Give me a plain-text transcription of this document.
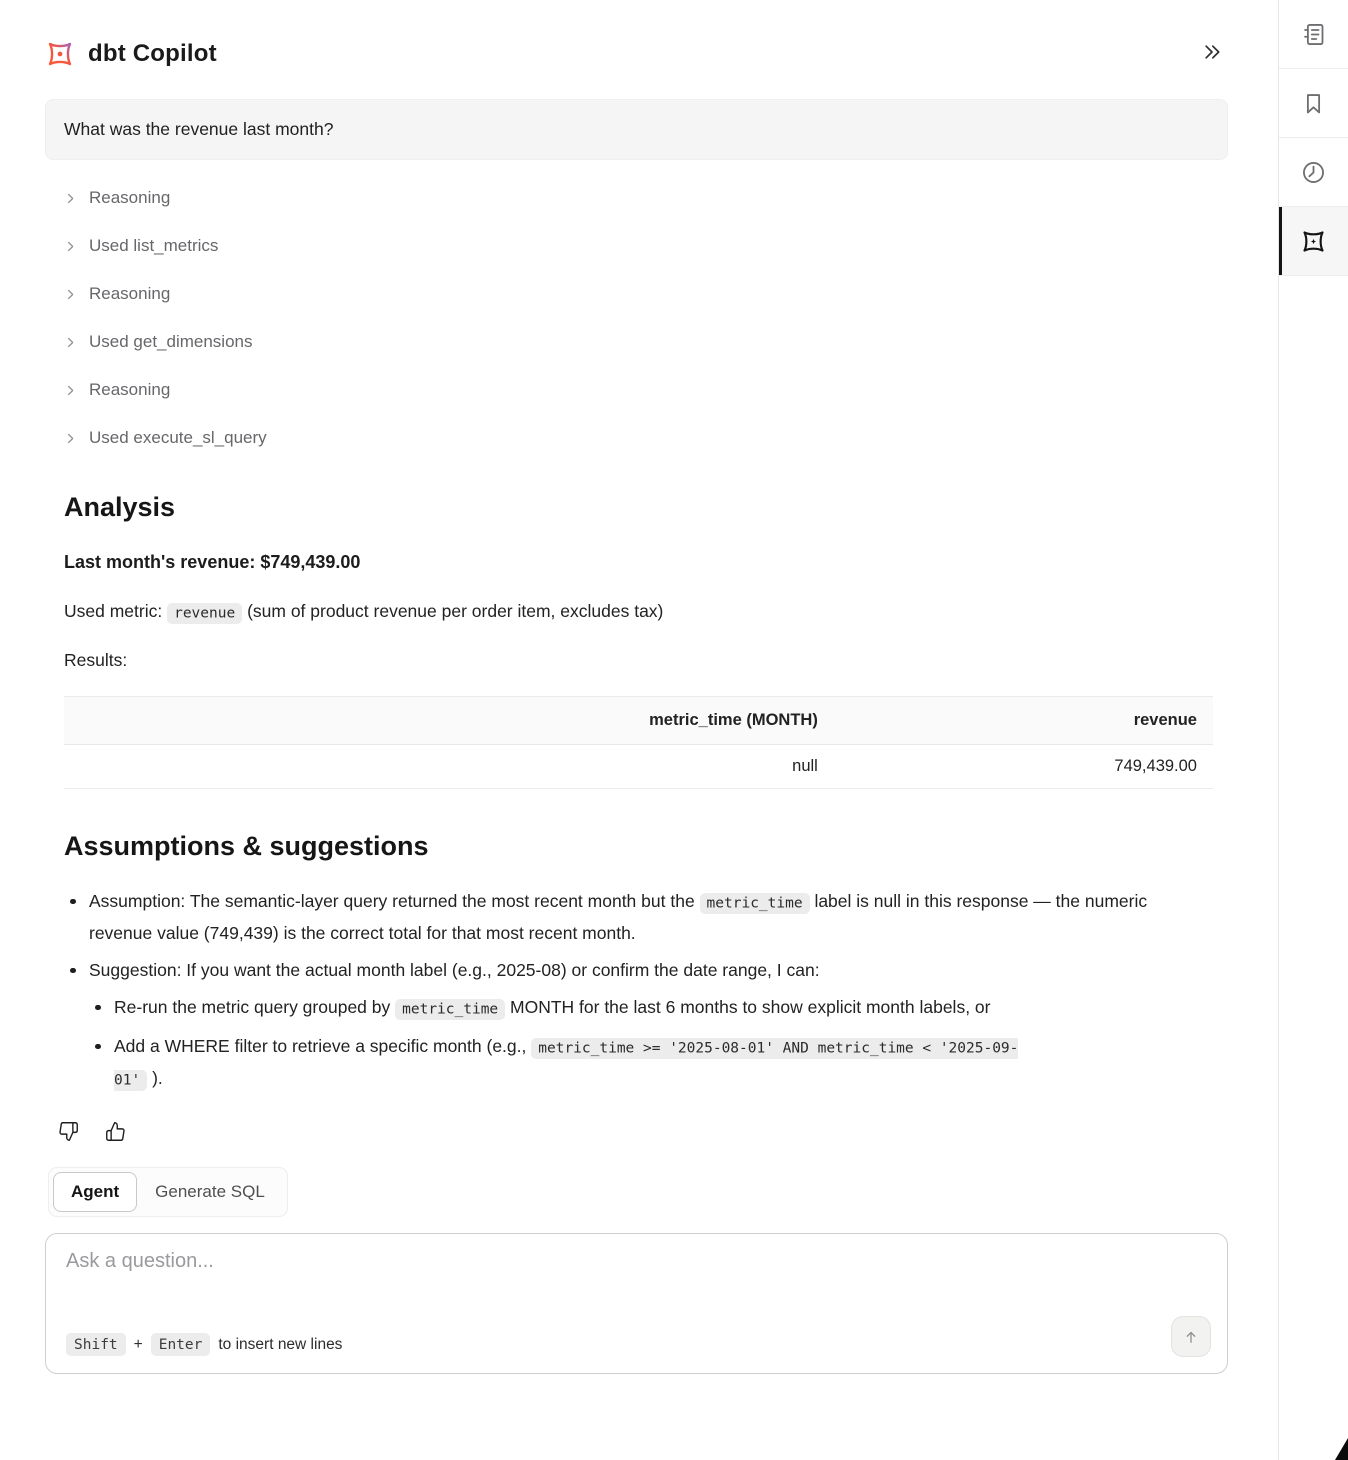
dbt Copilot
What was the revenue last month?
Reasoning
Used list_metrics
Reasoning
Used get_dimensions
Reasoning
Used execute_sl_query
Analysis
Last month's revenue: $749,439.00
Used metric: revenue (sum of product revenue per order item, excludes tax)
Results:
metric_time (MONTH)	revenue
null	749,439.00
Assumptions & suggestions
Assumption: The semantic-layer query returned the most recent month but the metric_time label is null in this response — the numeric revenue value (749,439) is the correct total for that most recent month.
Suggestion: If you want the actual month label (e.g., 2025-08) or confirm the date range, I can:
Re-run the metric query grouped by metric_time MONTH for the last 6 months to show explicit month labels, or
Add a WHERE filter to retrieve a specific month (e.g., metric_time >= '2025-08-01' AND metric_time < '2025-09-01' ).
Agent	Generate SQL
Ask a question...
Shift	+	Enter	to insert new lines
